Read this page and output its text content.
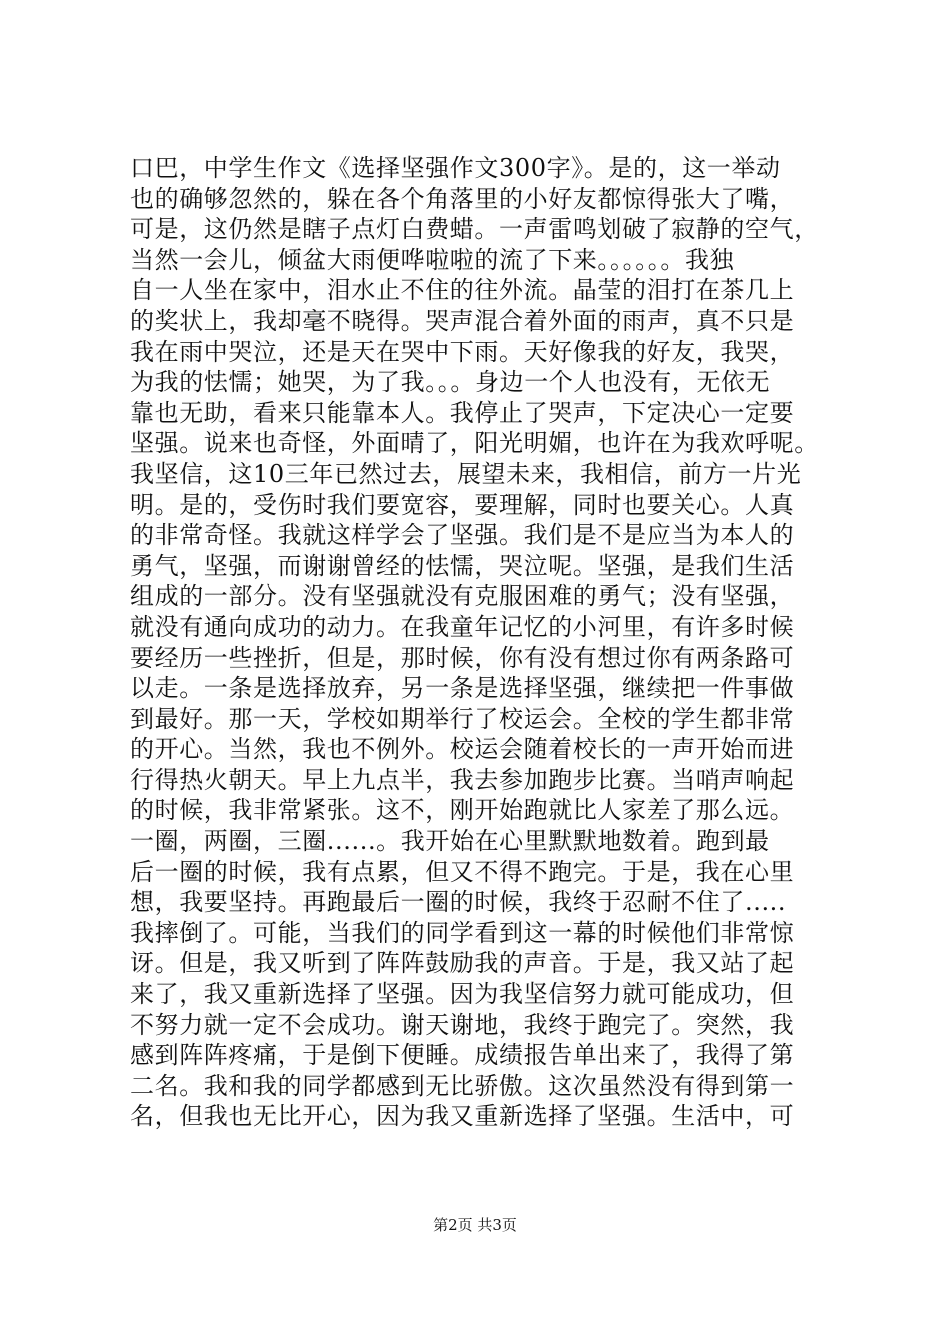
口巴，中学生作文《选择坚强作文300字》。是的，这一举动
也的确够忽然的，躲在各个角落里的小好友都惊得张大了嘴，
可是，这仍然是瞎子点灯白费蜡。一声雷鸣划破了寂静的空气，
当然一会儿，倾盆大雨便哗啦啦的流了下来。。。。。。我独
自一人坐在家中，泪水止不住的往外流。晶莹的泪打在茶几上
的奖状上，我却毫不晓得。哭声混合着外面的雨声，真不只是
我在雨中哭泣，还是天在哭中下雨。天好像我的好友，我哭，
为我的怯懦；她哭，为了我。。。身边一个人也没有，无依无
靠也无助，看来只能靠本人。我停止了哭声，下定决心一定要
坚强。说来也奇怪，外面晴了，阳光明媚，也许在为我欢呼呢。
我坚信，这10三年已然过去，展望未来，我相信，前方一片光
明。是的，受伤时我们要宽容，要理解，同时也要关心。人真
的非常奇怪。我就这样学会了坚强。我们是不是应当为本人的
勇气，坚强，而谢谢曾经的怯懦，哭泣呢。坚强，是我们生活
组成的一部分。没有坚强就没有克服困难的勇气；没有坚强，
就没有通向成功的动力。在我童年记忆的小河里，有许多时候
要经历一些挫折，但是，那时候，你有没有想过你有两条路可
以走。一条是选择放弃，另一条是选择坚强，继续把一件事做
到最好。那一天，学校如期举行了校运会。全校的学生都非常
的开心。当然，我也不例外。校运会随着校长的一声开始而进
行得热火朝天。早上九点半，我去参加跑步比赛。当哨声响起
的时候，我非常紧张。这不，刚开始跑就比人家差了那么远。
一圈，两圈，三圈......。我开始在心里默默地数着。跑到最
后一圈的时候，我有点累，但又不得不跑完。于是，我在心里
想，我要坚持。再跑最后一圈的时候，我终于忍耐不住了.....
我摔倒了。可能，当我们的同学看到这一幕的时候他们非常惊
讶。但是，我又听到了阵阵鼓励我的声音。于是，我又站了起
来了，我又重新选择了坚强。因为我坚信努力就可能成功，但
不努力就一定不会成功。谢天谢地，我终于跑完了。突然，我
感到阵阵疼痛，于是倒下便睡。成绩报告单出来了，我得了第
二名。我和我的同学都感到无比骄傲。这次虽然没有得到第一
名，但我也无比开心，因为我又重新选择了坚强。生活中，可
第2页 共3页
